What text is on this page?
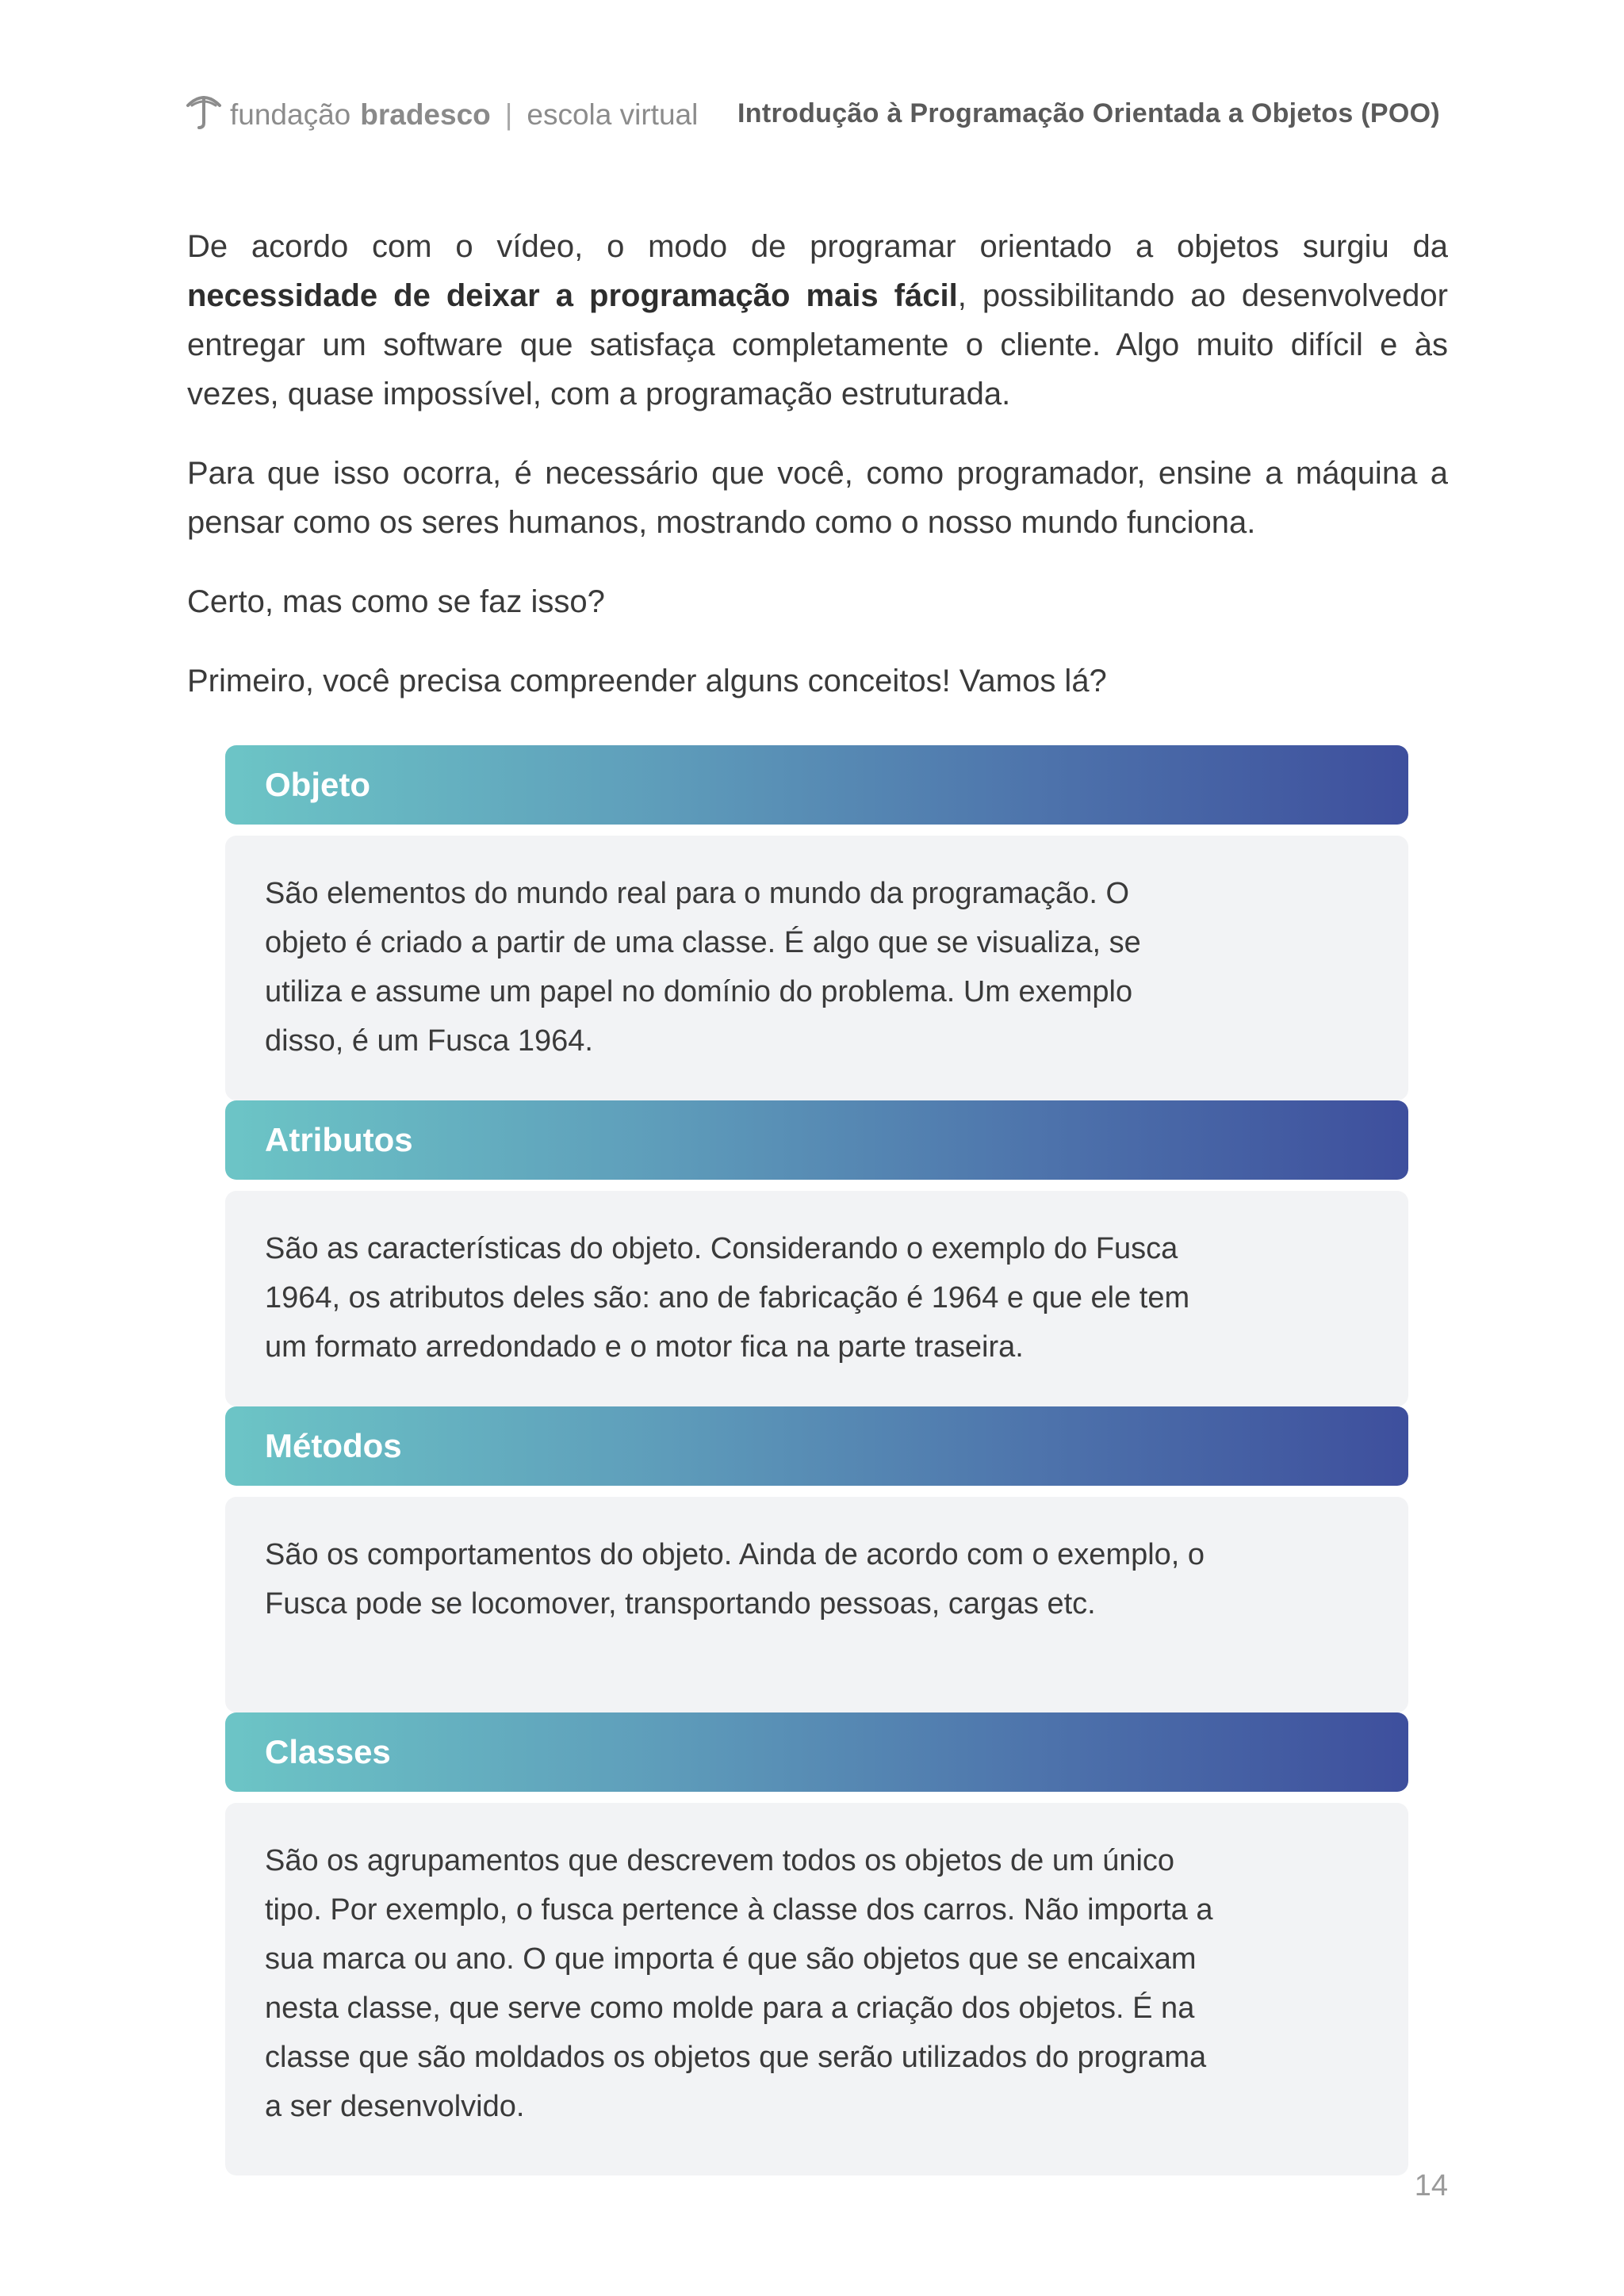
fundação bradesco | escola virtual Introdução à Programação Orientada a Objetos (POO)

De acordo com o vídeo, o modo de programar orientado a objetos surgiu da necessidade de deixar a programação mais fácil, possibilitando ao desenvolvedor entregar um software que satisfaça completamente o cliente. Algo muito difícil e às vezes, quase impossível, com a programação estruturada.

Para que isso ocorra, é necessário que você, como programador, ensine a máquina a pensar como os seres humanos, mostrando como o nosso mundo funciona.

Certo, mas como se faz isso?

Primeiro, você precisa compreender alguns conceitos! Vamos lá?

Objeto
São elementos do mundo real para o mundo da programação. O objeto é criado a partir de uma classe. É algo que se visualiza, se utiliza e assume um papel no domínio do problema. Um exemplo disso, é um Fusca 1964.
Atributos
São as características do objeto. Considerando o exemplo do Fusca 1964, os atributos deles são: ano de fabricação é 1964 e que ele tem um formato arredondado e o motor fica na parte traseira.
Métodos
São os comportamentos do objeto. Ainda de acordo com o exemplo, o Fusca pode se locomover, transportando pessoas, cargas etc.
Classes
São os agrupamentos que descrevem todos os objetos de um único tipo. Por exemplo, o fusca pertence à classe dos carros. Não importa a sua marca ou ano. O que importa é que são objetos que se encaixam nesta classe, que serve como molde para a criação dos objetos. É na classe que são moldados os objetos que serão utilizados do programa a ser desenvolvido.
14
